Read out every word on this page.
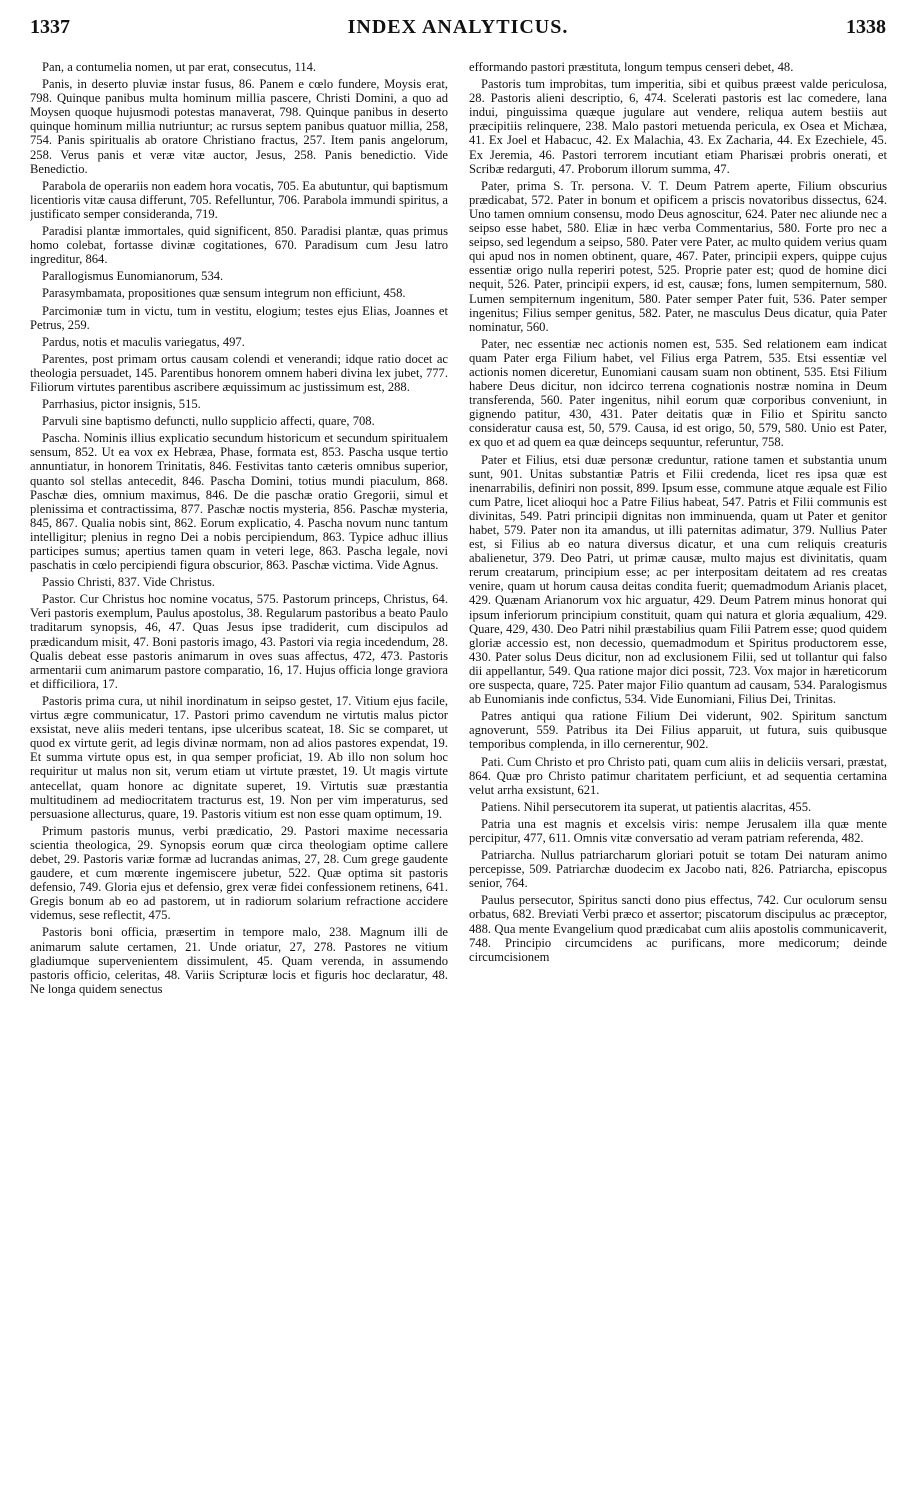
1337	INDEX ANALYTICUS.	1338

Pan, a contumelia nomen, ut par erat, consecutus, 114.

Panis, in deserto pluviæ instar fusus, 86. Panem e cœlo fundere, Moysis erat, 798. Quinque panibus multa hominum millia pascere, Christi Domini, a quo ad Moysen quoque hujusmodi potestas manaverat, 798. Quinque panibus in deserto quinque hominum millia nutriuntur; ac rursus septem panibus quatuor millia, 258, 754. Panis spiritualis ab oratore Christiano fractus, 257. Item panis angelorum, 258. Verus panis et veræ vitæ auctor, Jesus, 258. Panis benedictio. Vide Benedictio.

Parabola de operariis non eadem hora vocatis, 705. Ea abutuntur, qui baptismum licentioris vitæ causa differunt, 705. Refelluntur, 706. Parabola immundi spiritus, a justificato semper consideranda, 719.

Paradisi plantæ immortales, quid significent, 850. Paradisi plantæ, quas primus homo colebat, fortasse divinæ cogitationes, 670. Paradisum cum Jesu latro ingreditur, 864.

Parallogismus Eunomianorum, 534.

Parasymbamata, propositiones quæ sensum integrum non efficiunt, 458.

Parcimoniæ tum in victu, tum in vestitu, elogium; testes ejus Elias, Joannes et Petrus, 259.

Pardus, notis et maculis variegatus, 497.

Parentes, post primam ortus causam colendi et venerandi; idque ratio docet ac theologia persuadet, 145. Parentibus honorem omnem haberi divina lex jubet, 777. Filiorum virtutes parentibus ascribere æquissimum ac justissimum est, 288.

Parrhasius, pictor insignis, 515.

Parvuli sine baptismo defuncti, nullo supplicio affecti, quare, 708.

Pascha. Nominis illius explicatio secundum historicum et secundum spiritualem sensum, 852. Ut ea vox ex Hebræa, Phase, formata est, 853. Pascha usque tertio annuntiatur, in honorem Trinitatis, 846. Festivitas tanto cæteris omnibus superior, quanto sol stellas antecedit, 846. Pascha Domini, totius mundi piaculum, 868. Paschæ dies, omnium maximus, 846. De die paschæ oratio Gregorii, simul et plenissima et contractissima, 877. Paschæ noctis mysteria, 856. Paschæ mysteria, 845, 867. Qualia nobis sint, 862. Eorum explicatio, 4. Pascha novum nunc tantum intelligitur; plenius in regno Dei a nobis percipiendum, 863. Typice adhuc illius participes sumus; apertius tamen quam in veteri lege, 863. Pascha legale, novi paschatis in cœlo percipiendi figura obscurior, 863. Paschæ victima. Vide Agnus.

Passio Christi, 837. Vide Christus.

Pastor. Cur Christus hoc nomine vocatus, 575. Pastorum princeps, Christus, 64. Veri pastoris exemplum, Paulus apostolus, 38. Regularum pastoribus a beato Paulo traditarum synopsis, 46, 47. Quas Jesus ipse tradiderit, cum discipulos ad prædicandum misit, 47. Boni pastoris imago, 43. Pastori via regia incedendum, 28. Qualis debeat esse pastoris animarum in oves suas affectus, 472, 473. Pastoris armentarii cum animarum pastore comparatio, 16, 17. Hujus officia longe graviora et difficiliora, 17.

Pastoris prima cura, ut nihil inordinatum in seipso gestet, 17. Vitium ejus facile, virtus ægre communicatur, 17. Pastori primo cavendum ne virtutis malus pictor exsistat, neve aliis mederi tentans, ipse ulceribus scateat, 18. Sic se comparet, ut quod ex virtute gerit, ad legis divinæ normam, non ad alios pastores expendat, 19. Et summa virtute opus est, in qua semper proficiat, 19. Ab illo non solum hoc requiritur ut malus non sit, verum etiam ut virtute præstet, 19. Ut magis virtute antecellat, quam honore ac dignitate superet, 19. Virtutis suæ præstantia multitudinem ad mediocritatem tracturus est, 19. Non per vim imperaturus, sed persuasione allecturus, quare, 19. Pastoris vitium est non esse quam optimum, 19.

Primum pastoris munus, verbi prædicatio, 29. Pastori maxime necessaria scientia theologica, 29. Synopsis eorum quæ circa theologiam optime callere debet, 29. Pastoris variæ formæ ad lucrandas animas, 27, 28. Cum grege gaudente gaudere, et cum mœrente ingemiscere jubetur, 522. Quæ optima sit pastoris defensio, 749. Gloria ejus et defensio, grex veræ fidei confessionem retinens, 641. Gregis bonum ab eo ad pastorem, ut in radiorum solarium refractione accidere videmus, sese reflectit, 475.

Pastoris boni officia, præsertim in tempore malo, 238. Magnum illi de animarum salute certamen, 21. Unde oriatur, 27, 278. Pastores ne vitium gladiumque supervenientem dissimulent, 45. Quam verenda, in assumendo pastoris officio, celeritas, 48. Variis Scripturæ locis et figuris hoc declaratur, 48. Ne longa quidem senectus

efformando pastori præstituta, longum tempus censeri debet, 48.

Pastoris tum improbitas, tum imperitia, sibi et quibus præest valde periculosa, 28. Pastoris alieni descriptio, 6, 474. Scelerati pastoris est lac comedere, lana indui, pinguissima quæque jugulare aut vendere, reliqua autem bestiis aut præcipitiis relinquere, 238. Malo pastori metuenda pericula, ex Osea et Michæa, 41. Ex Joel et Habacuc, 42. Ex Malachia, 43. Ex Zacharia, 44. Ex Ezechiele, 45. Ex Jeremia, 46. Pastori terrorem incutiant etiam Pharisæi probris onerati, et Scribæ redarguti, 47. Proborum illorum summa, 47.

Pater, prima S. Tr. persona. V. T. Deum Patrem aperte, Filium obscurius prædicabat, 572. Pater in bonum et opificem a priscis novatoribus dissectus, 624. Uno tamen omnium consensu, modo Deus agnoscitur, 624. Pater nec aliunde nec a seipso esse habet, 580. Eliæ in hæc verba Commentarius, 580. Forte pro nec a seipso, sed legendum a seipso, 580. Pater vere Pater, ac multo quidem verius quam qui apud nos in nomen obtinent, quare, 467. Pater, principii expers, quippe cujus essentiæ origo nulla reperiri potest, 525. Proprie pater est; quod de homine dici nequit, 526. Pater, principii expers, id est, causæ; fons, lumen sempiternum, 580. Lumen sempiternum ingenitum, 580. Pater semper Pater fuit, 536. Pater semper ingenitus; Filius semper genitus, 582. Pater, ne masculus Deus dicatur, quia Pater nominatur, 560.

Pater, nec essentiæ nec actionis nomen est, 535. Sed relationem eam indicat quam Pater erga Filium habet, vel Filius erga Patrem, 535. Etsi essentiæ vel actionis nomen diceretur, Eunomiani causam suam non obtinent, 535. Etsi Filium habere Deus dicitur, non idcirco terrena cognationis nostræ nomina in Deum transferenda, 560. Pater ingenitus, nihil eorum quæ corporibus conveniunt, in gignendo patitur, 430, 431. Pater deitatis quæ in Filio et Spiritu sancto consideratur causa est, 50, 579. Causa, id est origo, 50, 579, 580. Unio est Pater, ex quo et ad quem ea quæ deinceps sequuntur, referuntur, 758.

Pater et Filius, etsi duæ personæ creduntur, ratione tamen et substantia unum sunt, 901. Unitas substantiæ Patris et Filii credenda, licet res ipsa quæ est inenarrabilis, definiri non possit, 899. Ipsum esse, commune atque æquale est Filio cum Patre, licet alioqui hoc a Patre Filius habeat, 547. Patris et Filii communis est divinitas, 549. Patri principii dignitas non imminuenda, quam ut Pater et genitor habet, 579. Pater non ita amandus, ut illi paternitas adimatur, 379. Nullius Pater est, si Filius ab eo natura diversus dicatur, et una cum reliquis creaturis abalienetur, 379. Deo Patri, ut primæ causæ, multo majus est divinitatis, quam rerum creatarum, principium esse; ac per interpositam deitatem ad res creatas venire, quam ut horum causa deitas condita fuerit; quemadmodum Arianis placet, 429. Quænam Arianorum vox hic arguatur, 429. Deum Patrem minus honorat qui ipsum inferiorum principium constituit, quam qui natura et gloria æqualium, 429. Quare, 429, 430. Deo Patri nihil præstabilius quam Filii Patrem esse; quod quidem gloriæ accessio est, non decessio, quemadmodum et Spiritus productorem esse, 430. Pater solus Deus dicitur, non ad exclusionem Filii, sed ut tollantur qui falso dii appellantur, 549. Qua ratione major dici possit, 723. Vox major in hæreticorum ore suspecta, quare, 725. Pater major Filio quantum ad causam, 534. Paralogismus ab Eunomianis inde confictus, 534. Vide Eunomiani, Filius Dei, Trinitas.

Patres antiqui qua ratione Filium Dei viderunt, 902. Spiritum sanctum agnoverunt, 559. Patribus ita Dei Filius apparuit, ut futura, suis quibusque temporibus complenda, in illo cernerentur, 902.

Pati. Cum Christo et pro Christo pati, quam cum aliis in deliciis versari, præstat, 864. Quæ pro Christo patimur charitatem perficiunt, et ad sequentia certamina velut arrha exsistunt, 621.

Patiens. Nihil persecutorem ita superat, ut patientis alacritas, 455.

Patria una est magnis et excelsis viris: nempe Jerusalem illa quæ mente percipitur, 477, 611. Omnis vitæ conversatio ad veram patriam referenda, 482.

Patriarcha. Nullus patriarcharum gloriari potuit se totam Dei naturam animo percepisse, 509. Patriarchæ duodecim ex Jacobo nati, 826. Patriarcha, episcopus senior, 764.

Paulus persecutor, Spiritus sancti dono pius effectus, 742. Cur oculorum sensu orbatus, 682. Breviati Verbi præco et assertor; piscatorum discipulus ac præceptor, 488. Qua mente Evangelium quod prædicabat cum aliis apostolis communicaverit, 748. Principio circumcidens ac purificans, more medicorum; deinde circumcisionem
